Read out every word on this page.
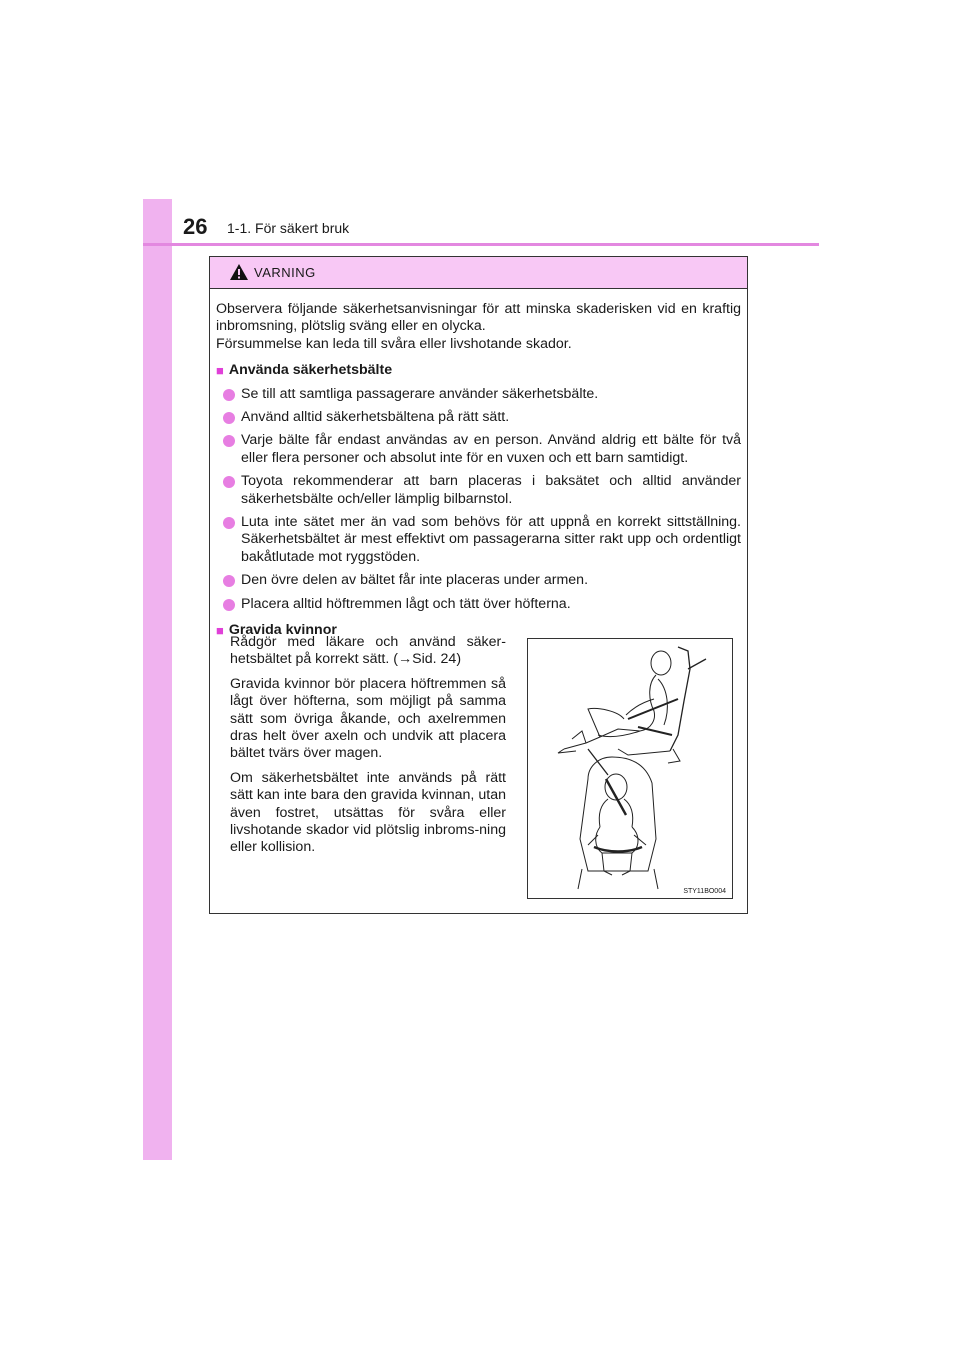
26 1-1. För säkert bruk
VARNING

Observera följande säkerhetsanvisningar för att minska skaderisken vid en kraftig inbromsning, plötslig sväng eller en olycka.

Försummelse kan leda till svåra eller livshotande skador.

■ Använda säkerhetsbälte
Se till att samtliga passagerare använder säkerhetsbälte.
Använd alltid säkerhetsbältena på rätt sätt.
Varje bälte får endast användas av en person. Använd aldrig ett bälte för två eller flera personer och absolut inte för en vuxen och ett barn samtidigt.
Toyota rekommenderar att barn placeras i baksätet och alltid använder säkerhetsbälte och/eller lämplig bilbarnstol.
Luta inte sätet mer än vad som behövs för att uppnå en korrekt sittställning. Säkerhetsbältet är mest effektivt om passagerarna sitter rakt upp och ordentligt bakåtlutade mot ryggstöden.
Den övre delen av bältet får inte placeras under armen.
Placera alltid höftremmen lågt och tätt över höfterna.
■ Gravida kvinnor

Rådgör med läkare och använd säker-hetsbältet på korrekt sätt. (→Sid. 24)

Gravida kvinnor bör placera höftremmen så lågt över höfterna, som möjligt på samma sätt som övriga åkande, och axelremmen dras helt över axeln och undvik att placera bältet tvärs över magen.

Om säkerhetsbältet inte används på rätt sätt kan inte bara den gravida kvinnan, utan även fostret, utsättas för svåra eller livshotande skador vid plötslig inbroms-ning eller kollision.

STY11BO004
